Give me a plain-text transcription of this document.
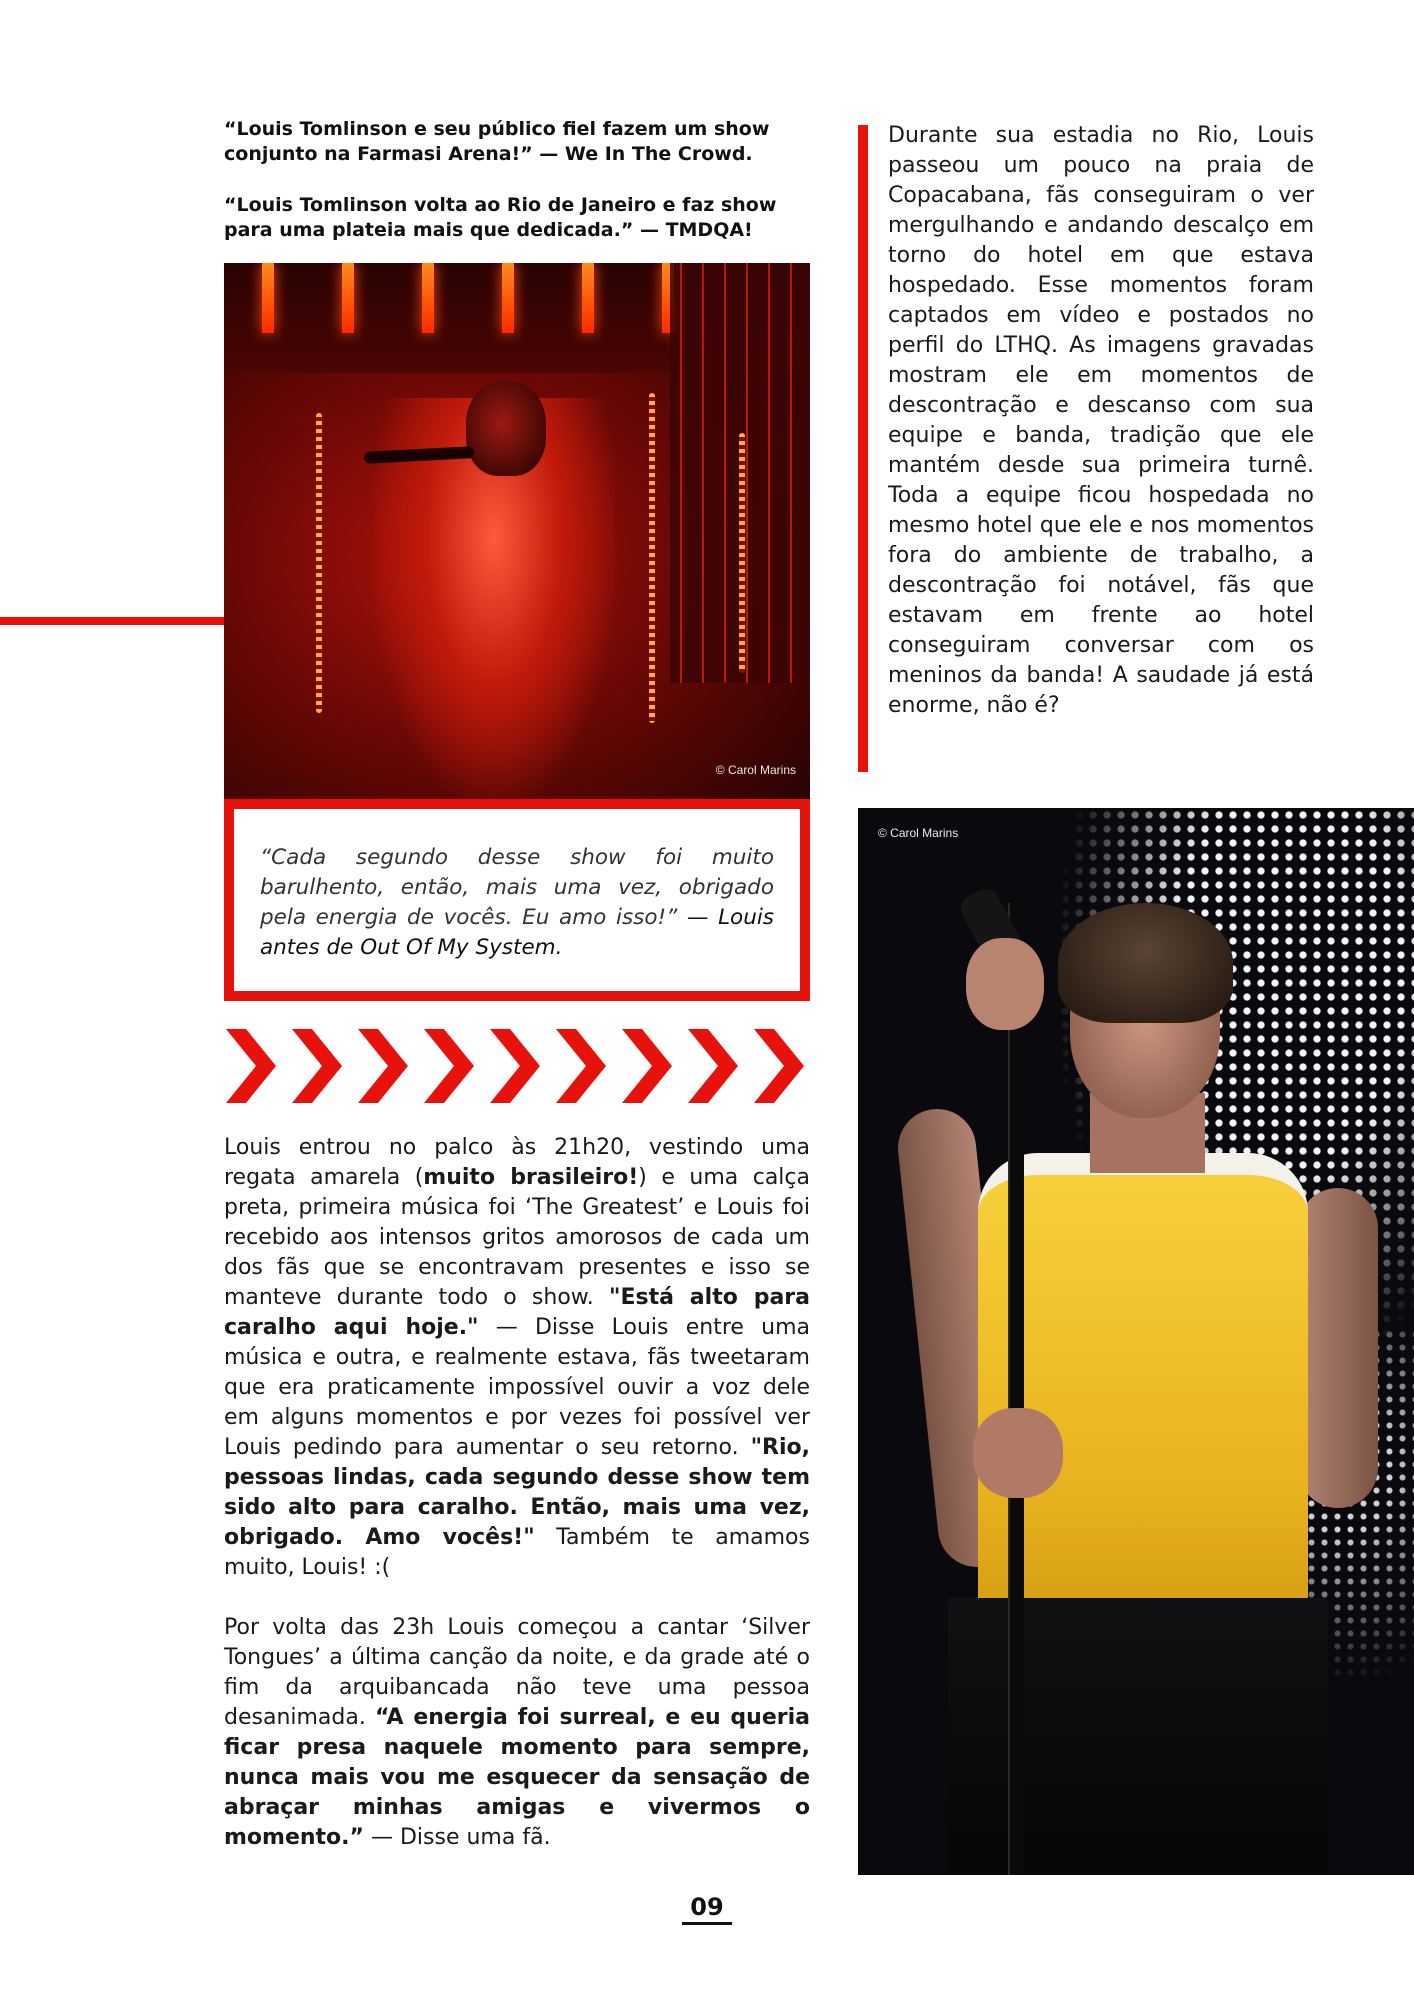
“Louis Tomlinson e seu público fiel fazem um show conjunto na Farmasi Arena!” — We In The Crowd.
“Louis Tomlinson volta ao Rio de Janeiro e faz show para uma plateia mais que dedicada.” — TMDQA!
© Carol Marins
Durante sua estadia no Rio, Louis passeou um pouco na praia de Copacabana, fãs conseguiram o ver mergulhando e andando descalço em torno do hotel em que estava hospedado. Esse momentos foram captados em vídeo e postados no perfil do LTHQ. As imagens gravadas mostram ele em momentos de descontração e descanso com sua equipe e banda, tradição que ele mantém desde sua primeira turnê. Toda a equipe ficou hospedada no mesmo hotel que ele e nos momentos fora do ambiente de trabalho, a descontração foi notável, fãs que estavam em frente ao hotel conseguiram conversar com os meninos da banda! A saudade já está enorme, não é?
“Cada segundo desse show foi muito barulhento, então, mais uma vez, obrigado pela energia de vocês. Eu amo isso!” — Louis antes de Out Of My System.
Louis entrou no palco às 21h20, vestindo uma regata amarela (muito brasileiro!) e uma calça preta, primeira música foi ‘The Greatest’ e Louis foi recebido aos intensos gritos amorosos de cada um dos fãs que se encontravam presentes e isso se manteve durante todo o show. "Está alto para caralho aqui hoje." — Disse Louis entre uma música e outra, e realmente estava, fãs tweetaram que era praticamente impossível ouvir a voz dele em alguns momentos e por vezes foi possível ver Louis pedindo para aumentar o seu retorno. "Rio, pessoas lindas, cada segundo desse show tem sido alto para caralho. Então, mais uma vez, obrigado. Amo vocês!" Também te amamos muito, Louis! :(
Por volta das 23h Louis começou a cantar ‘Silver Tongues’ a última canção da noite, e da grade até o fim da arquibancada não teve uma pessoa desanimada. “A energia foi surreal, e eu queria ficar presa naquele momento para sempre, nunca mais vou me esquecer da sensação de abraçar minhas amigas e vivermos o momento.” — Disse uma fã.
© Carol Marins
09
